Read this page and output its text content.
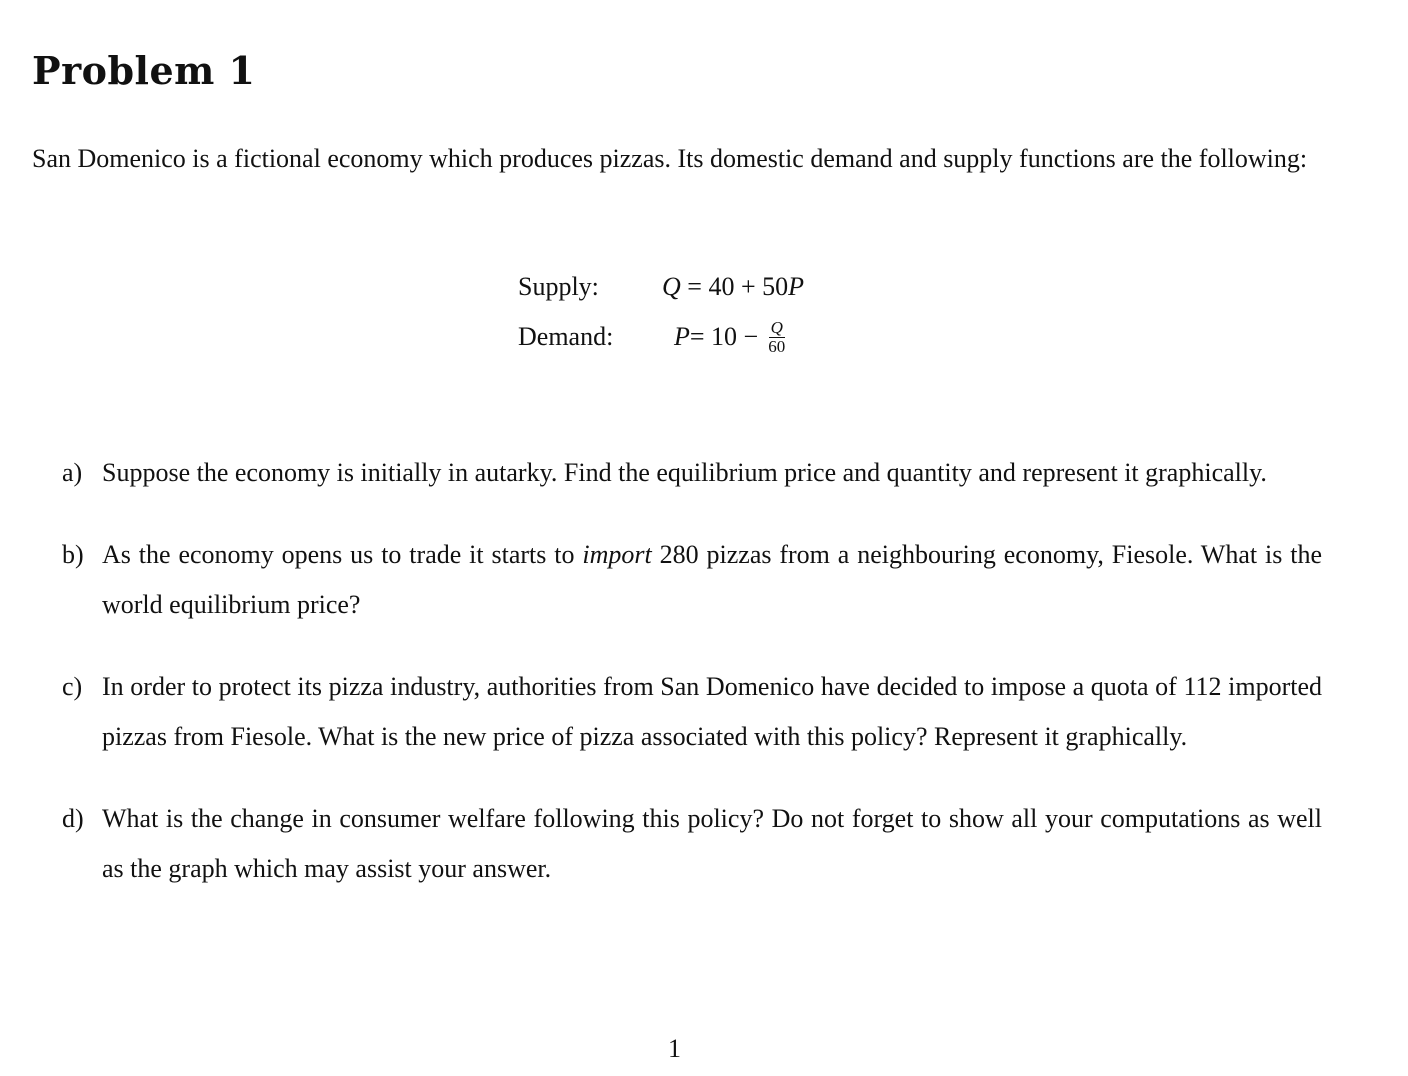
Problem 1

San Domenico is a fictional economy which produces pizzas. Its domestic demand and supply functions are the following:

Supply:	Q = 40 + 50P
Demand:	$P = 10 - \frac{Q}{60}$
a) Suppose the economy is initially in autarky. Find the equilibrium price and quantity and represent it graphically.
b) As the economy opens us to trade it starts to import 280 pizzas from a neighbouring economy, Fiesole. What is the world equilibrium price?
c) In order to protect its pizza industry, authorities from San Domenico have decided to impose a quota of 112 imported pizzas from Fiesole. What is the new price of pizza associated with this policy? Represent it graphically.
d) What is the change in consumer welfare following this policy? Do not forget to show all your computations as well as the graph which may assist your answer.
1
